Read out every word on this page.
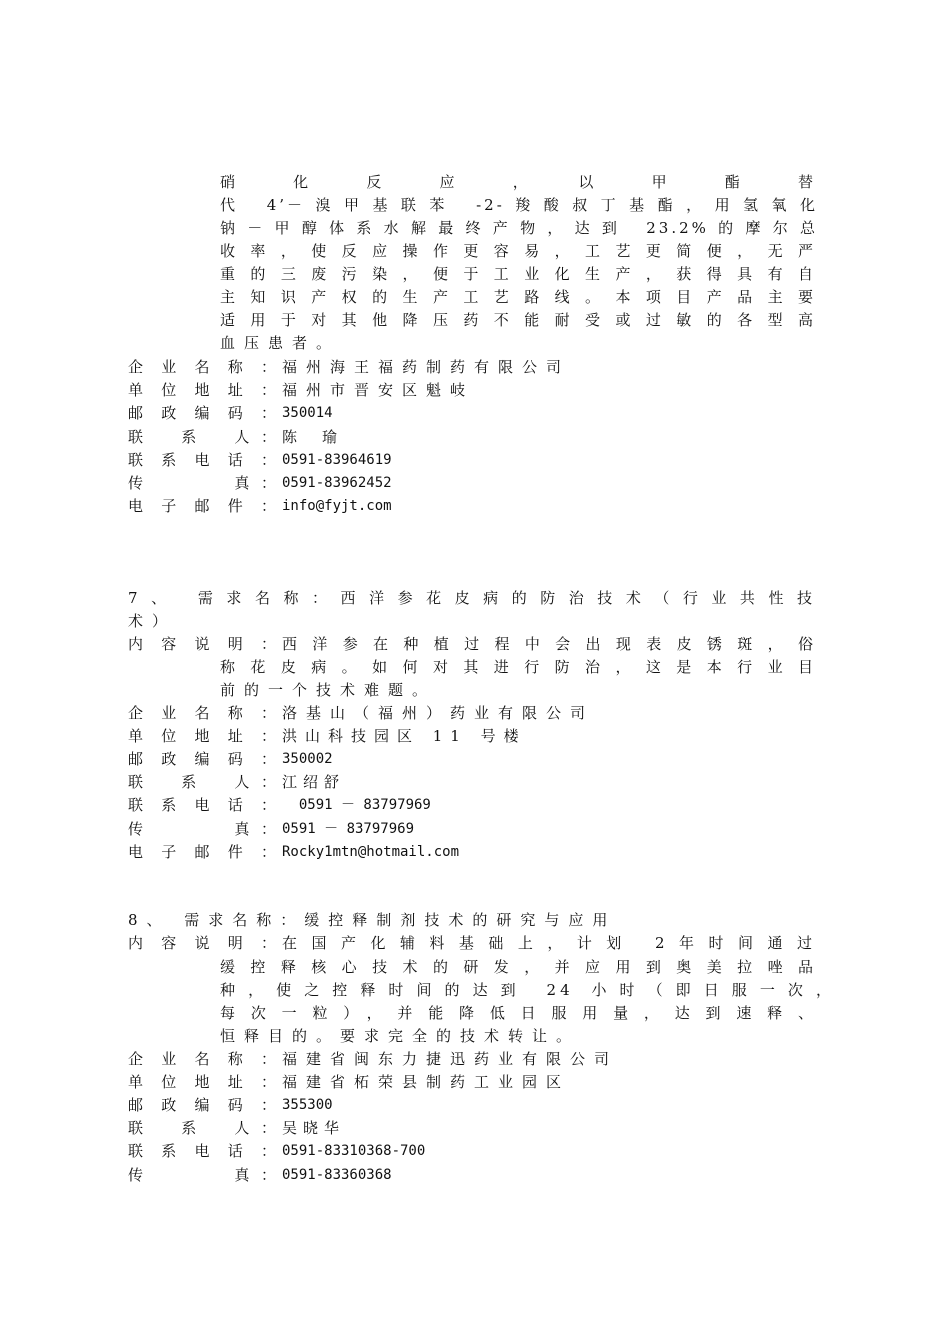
硝　化　反　应　，　以　甲　酯　替
代 4’－溴甲基联苯 -2-羧酸叔丁基酯，用氢氧化
钠－甲醇体系水解最终产物，达到 23.2%的摩尔总
收率，使反应操作更容易，工艺更简便，无严
重的三废污染，便于工业化生产，获得具有自
主知识产权的生产工艺路线。本项目产品主要
适用于对其他降压药不能耐受或过敏的各型高
血压患者。
企业名称： 福州海王福药制药有限公司
单位地址： 福州市晋安区魁岐
邮政编码： 350014
联　系　人： 陈　瑜
联系电话： 0591-83964619
传　　　真： 0591-83962452
电子邮件： info@fyjt.com
7、 需求名称：西洋参花皮病的防治技术（行业共性技
术）
内容说明： 西洋参在种植过程中会出现表皮锈斑，俗
称花皮病。如何对其进行防治，这是本行业目
前的一个技术难题。
企业名称： 洛基山（福州）药业有限公司
单位地址： 洪山科技园区 11 号楼
邮政编码： 350002
联　系　人： 江绍舒
联系电话： 0591 － 83797969
传　　　真： 0591 － 83797969
电子邮件： Rocky1mtn@hotmail.com
8、 需求名称：缓控释制剂技术的研究与应用
内容说明： 在国产化辅料基础上，计划 2年时间通过
缓控释核心技术的研发，并应用到奥美拉唑品
种，使之控释时间的达到 24 小时（即日服一次，
每次一粒），并能降低日服用量，达到速释、
恒释目的。要求完全的技术转让。
企业名称： 福建省闽东力捷迅药业有限公司
单位地址： 福建省柘荣县制药工业园区
邮政编码： 355300
联　系　人： 吴晓华
联系电话： 0591-83310368-700
传　　　真： 0591-83360368
